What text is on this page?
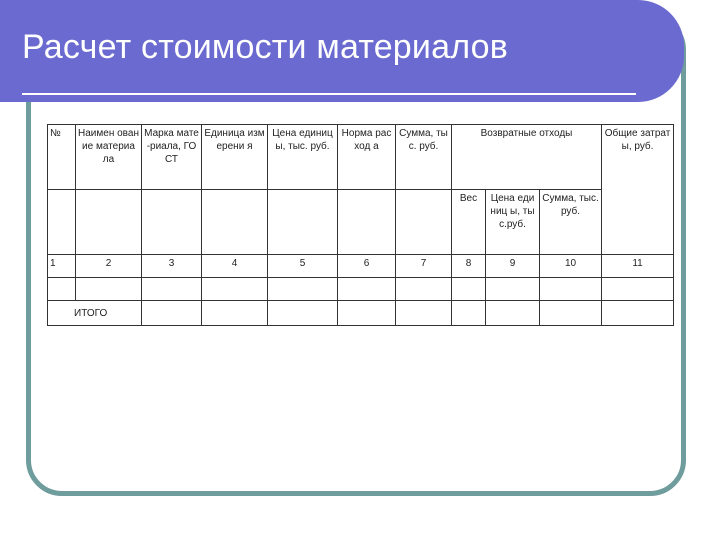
Расчет стоимости материалов
№	Наимен ование материа ла	Марка мате-риала, ГОСТ	Единица измерени я	Цена единицы, тыс. руб.	Норма расход а	Сумма, тыс. руб.	Возвратные отходы			Общие затраты, руб.
							Вес	Цена единиц ы, тыс.руб.	Сумма, тыс. руб.	
1	2	3	4	5	6	7	8	9	10	11

ИТОГО										
